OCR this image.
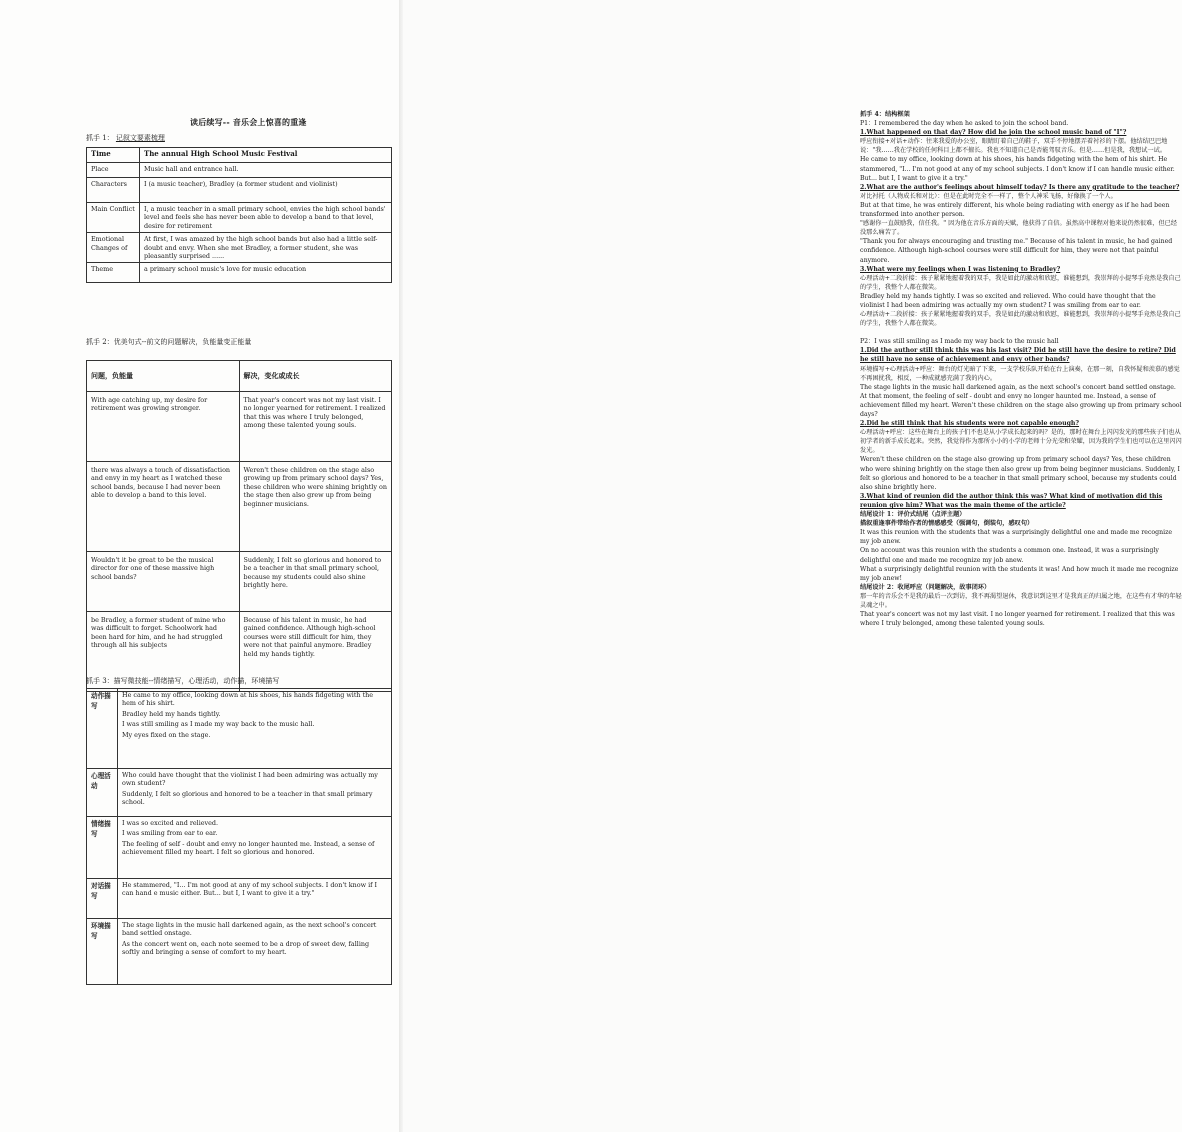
读后续写-- 音乐会上惊喜的重逢
抓手 1： 记叙文要素梳理
Time	The annual High School Music Festival
Place	Music hall and entrance hall.
Characters	I (a music teacher), Bradley (a former student and violinist)
Main Conflict	I, a music teacher in a small primary school, envies the high school bands' level and feels she has never been able to develop a band to that level, desire for retirement
Emotional Changes of	At first, I was amazed by the high school bands but also had a little self-doubt and envy. When she met Bradley, a former student, she was pleasantly surprised ......
Theme	a primary school music's love for music education
抓手 2：优美句式--前文的问题解决，负能量变正能量
问题，负能量	解决，变化或成长
With age catching up, my desire for retirement was growing stronger.	That year's concert was not my last visit. I no longer yearned for retirement. I realized that this was where I truly belonged, among these talented young souls.
there was always a touch of dissatisfaction and envy in my heart as I watched these school bands, because I had never been able to develop a band to this level.	Weren't these children on the stage also growing up from primary school days? Yes, these children who were shining brightly on the stage then also grew up from being beginner musicians.
Wouldn't it be great to be the musical director for one of these massive high school bands?	Suddenly, I felt so glorious and honored to be a teacher in that small primary school, because my students could also shine brightly here.
be Bradley, a former student of mine who was difficult to forget. Schoolwork had been hard for him, and he had struggled through all his subjects	Because of his talent in music, he had gained confidence. Although high-school courses were still difficult for him, they were not that painful anymore. Bradley held my hands tightly.
抓手 3：描写微技能--情绪描写，心理活动，动作描，环境描写
动作描写	He came to my office, looking down at his shoes, his hands fidgeting with the hem of his shirt.

Bradley held my hands tightly.

I was still smiling as I made my way back to the music hall.

My eyes fixed on the stage.

心理活动	Who could have thought that the violinist I had been admiring was actually my own student?

Suddenly, I felt so glorious and honored to be a teacher in that small primary school.

情绪描写	I was so excited and relieved.

I was smiling from ear to ear.

The feeling of self - doubt and envy no longer haunted me. Instead, a sense of achievement filled my heart. I felt so glorious and honored.

对话描写	He stammered, "I... I'm not good at any of my school subjects. I don't know if I can hand e music either. But... but I, I want to give it a try."

环境描写	The stage lights in the music hall darkened again, as the next school's concert band settled onstage.

As the concert went on, each note seemed to be a drop of sweet dew, falling softly and bringing a sense of comfort to my heart.

抓手 4：结构框架

P1：I remembered the day when he asked to join the school band.

1.What happened on that day? How did he join the school music band of "I"?

呼应衔接+对话+动作：往来我爱的办公室，眼睛盯着自己的鞋子，双手不停地摆弄着衬衫的下摆。他结结巴巴地说："我……我在学校的任何科目上都不擅长。我也不知道自己是否能驾驭音乐。但是……但是我，我想试一试。

He came to my office, looking down at his shoes, his hands fidgeting with the hem of his shirt. He stammered, "I... I'm not good at any of my school subjects. I don't know if I can handle music either. But... but I, I want to give it a try."

2.What are the author's feelings about himself today? Is there any gratitude to the teacher?

对比衬托（人物成长和对比）：但是在此时完全不一样了，整个人神采飞扬，好像换了一个人。

But at that time, he was entirely different, his whole being radiating with energy as if he had been transformed into another person.

"感谢你一直鼓励我，信任我。" 因为他在音乐方面的天赋，他获得了自信。虽然高中课程对他来说仍然很难，但已经没那么痛苦了。

"Thank you for always encouraging and trusting me." Because of his talent in music, he had gained confidence. Although high-school courses were still difficult for him, they were not that painful anymore.

3.What were my feelings when I was listening to Bradley?

心理活动+二段折接：孩子紧紧地握着我的双手，我是如此的激动和欣慰，谁能想到，我崇拜的小提琴手竟然是我自己的学生，我整个人都在微笑。

Bradley held my hands tightly. I was so excited and relieved. Who could have thought that the violinist I had been admiring was actually my own student? I was smiling from ear to ear.

心理活动+二段折接：孩子紧紧地握着我的双手，我是如此的激动和欣慰，谁能想到，我崇拜的小提琴手竟然是我自己的学生，我整个人都在微笑。

P2：I was still smiling as I made my way back to the music hall

1.Did the author still think this was his last visit? Did he still have the desire to retire? Did he still have no sense of achievement and envy other bands?

环境描写+心理活动+呼应：舞台的灯光暗了下来，一支学校乐队开始在台上演奏，在那一刻，自我怀疑和羡慕的感觉不再困扰我，相反，一种成就感充满了我的内心。

The stage lights in the music hall darkened again, as the next school's concert band settled onstage. At that moment, the feeling of self - doubt and envy no longer haunted me. Instead, a sense of achievement filled my heart. Weren't these children on the stage also growing up from primary school days?

2.Did he still think that his students were not capable enough?

心理活动+呼应：这些在舞台上的孩子们不也是从小学成长起来的吗？是的，那时在舞台上闪闪发光的那些孩子们也从初学者的新手成长起来。突然，我觉得作为那所小小的小学的老师十分光荣和荣耀，因为我的学生们也可以在这里闪闪发光。

Weren't these children on the stage also growing up from primary school days? Yes, these children who were shining brightly on the stage then also grew up from being beginner musicians. Suddenly, I felt so glorious and honored to be a teacher in that small primary school, because my students could also shine brightly here.

3.What kind of reunion did the author think this was? What kind of motivation did this reunion give him? What was the main theme of the article?

结尾设计 1：评价式结尾（点评主题）

描叙重逢事件带给作者的情感感受（强调句，倒装句，感叹句）

It was this reunion with the students that was a surprisingly delightful one and made me recognize my job anew.

On no account was this reunion with the students a common one. Instead, it was a surprisingly delightful one and made me recognize my job anew.

What a surprisingly delightful reunion with the students it was! And how much it made me recognize my job anew!

结尾设计 2：收尾呼应（问题解决，故事闭环）

那一年的音乐会不是我的最后一次到访，我不再渴望退休，我意识到这里才是我真正的归属之地，在这些有才华的年轻灵魂之中。

That year's concert was not my last visit. I no longer yearned for retirement. I realized that this was where I truly belonged, among these talented young souls.
